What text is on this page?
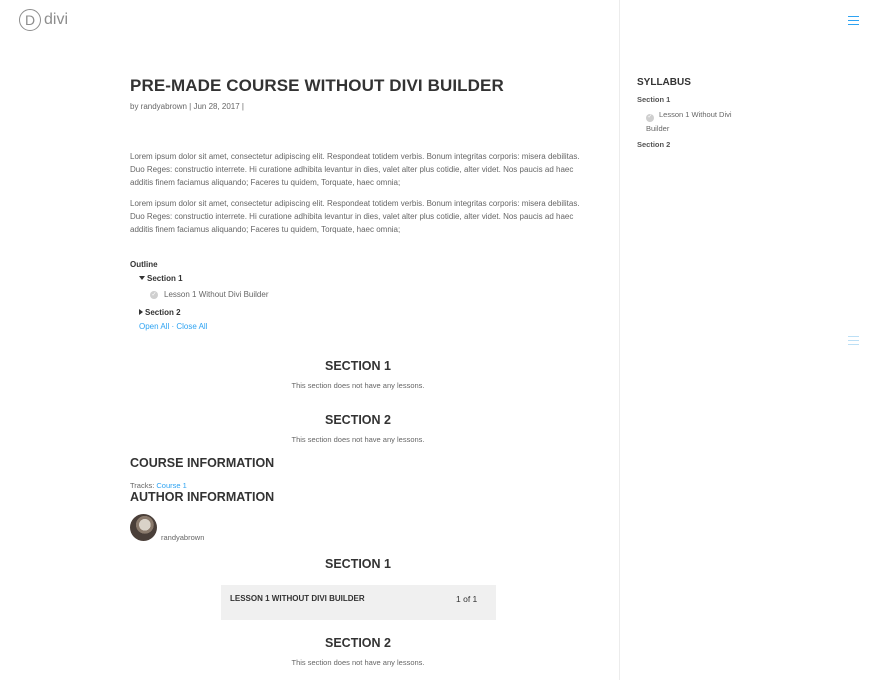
D divi
PRE-MADE COURSE WITHOUT DIVI BUILDER
by randyabrown | Jun 28, 2017 |

Lorem ipsum dolor sit amet, consectetur adipiscing elit. Respondeat totidem verbis. Bonum integritas corporis: misera debilitas. Duo Reges: constructio interrete. Hi curatione adhibita levantur in dies, valet alter plus cotidie, alter videt. Nos paucis ad haec additis finem faciamus aliquando; Faceres tu quidem, Torquate, haec omnia;

Lorem ipsum dolor sit amet, consectetur adipiscing elit. Respondeat totidem verbis. Bonum integritas corporis: misera debilitas. Duo Reges: constructio interrete. Hi curatione adhibita levantur in dies, valet alter plus cotidie, alter videt. Nos paucis ad haec additis finem faciamus aliquando; Faceres tu quidem, Torquate, haec omnia;

Outline
Section 1
✓ Lesson 1 Without Divi Builder
Section 2
Open All · Close All
SECTION 1
This section does not have any lessons.
SECTION 2
This section does not have any lessons.
COURSE INFORMATION
Tracks: Course 1
AUTHOR INFORMATION
randyabrown
SECTION 1
LESSON 1 WITHOUT DIVI BUILDER	1 of 1
SECTION 2
This section does not have any lessons.
SYLLABUS
Section 1
✓ Lesson 1 Without Divi Builder
Section 2
